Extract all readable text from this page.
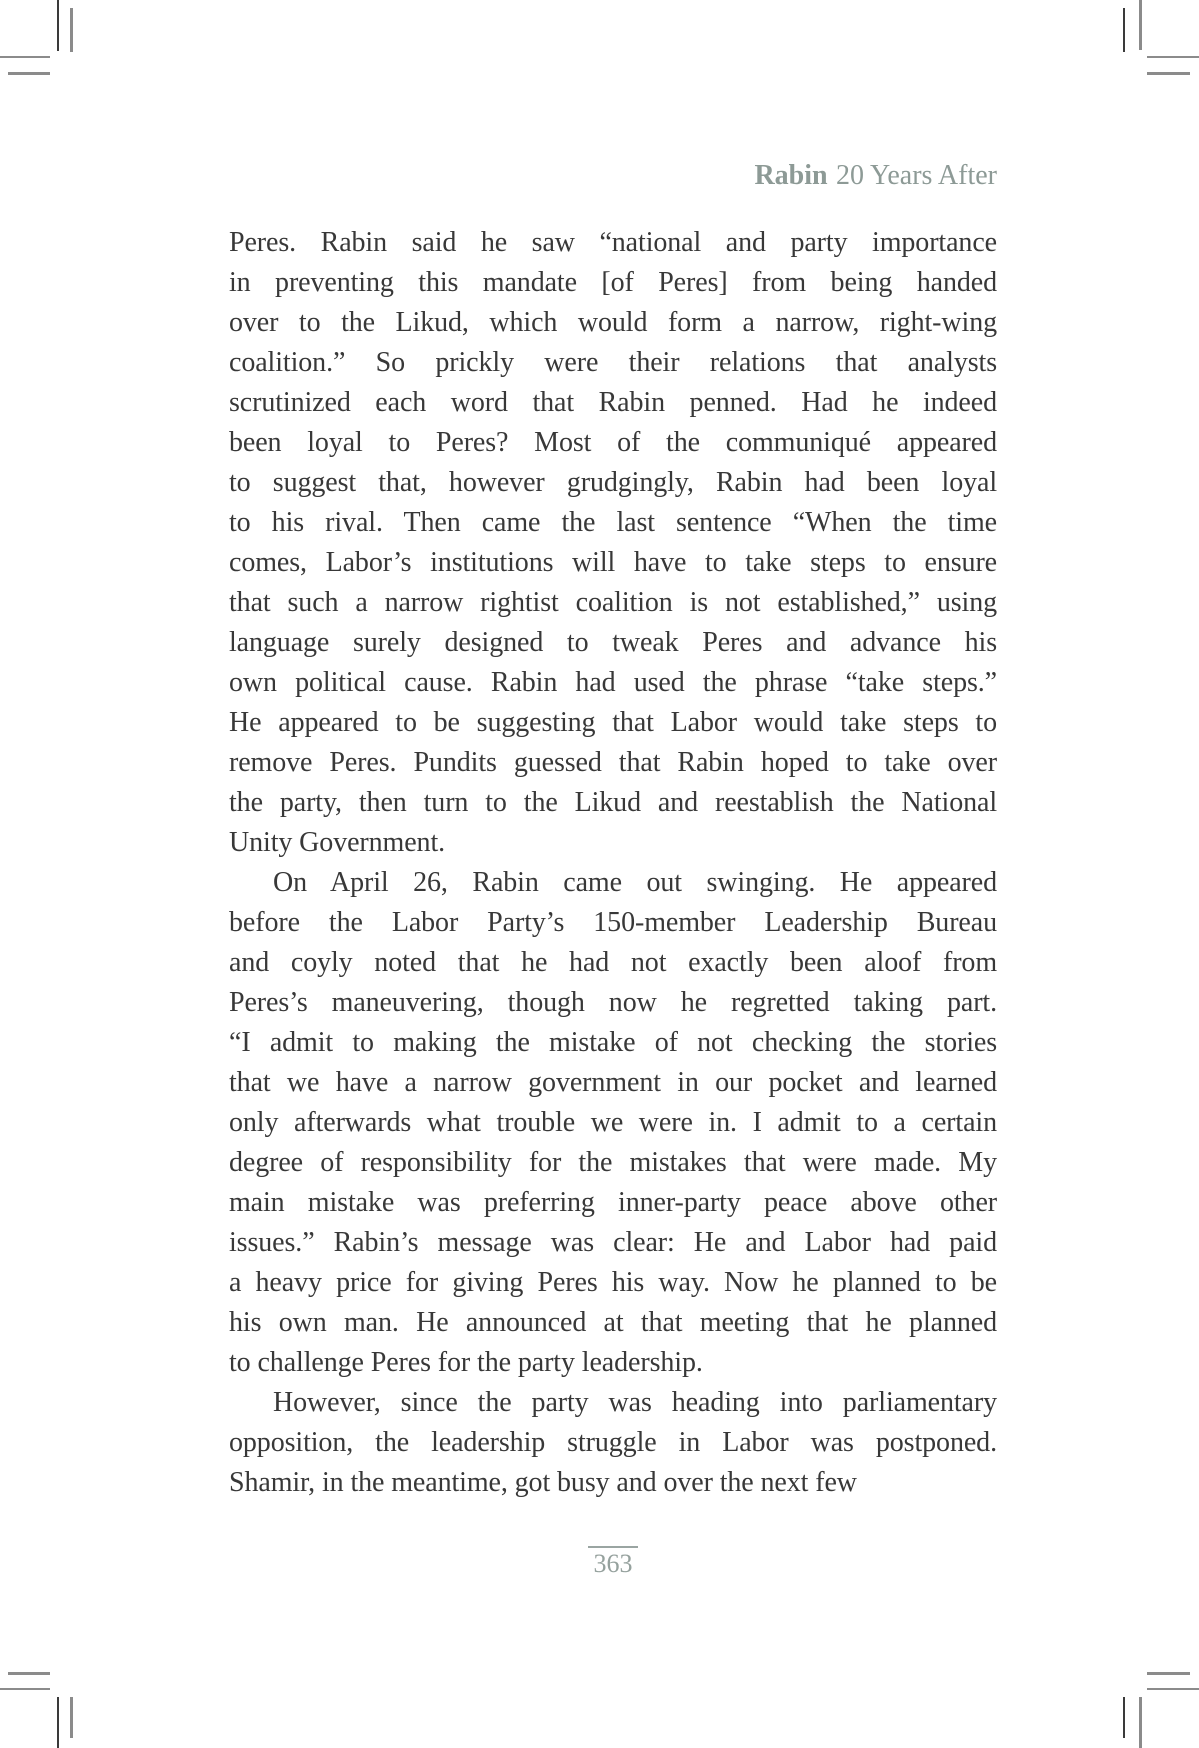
Rabin 20 Years After
Peres. Rabin said he saw “national and party importance
in preventing this mandate [of Peres] from being handed
over to the Likud, which would form a narrow, right-wing
coalition.” So prickly were their relations that analysts
scrutinized each word that Rabin penned. Had he indeed
been loyal to Peres? Most of the communiqué appeared
to suggest that, however grudgingly, Rabin had been loyal
to his rival. Then came the last sentence “When the time
comes, Labor’s institutions will have to take steps to ensure
that such a narrow rightist coalition is not established,” using
language surely designed to tweak Peres and advance his
own political cause. Rabin had used the phrase “take steps.”
He appeared to be suggesting that Labor would take steps to
remove Peres. Pundits guessed that Rabin hoped to take over
the party, then turn to the Likud and reestablish the National
Unity Government.
On April 26, Rabin came out swinging. He appeared
before the Labor Party’s 150-member Leadership Bureau
and coyly noted that he had not exactly been aloof from
Peres’s maneuvering, though now he regretted taking part.
“I admit to making the mistake of not checking the stories
that we have a narrow government in our pocket and learned
only afterwards what trouble we were in. I admit to a certain
degree of responsibility for the mistakes that were made. My
main mistake was preferring inner-party peace above other
issues.” Rabin’s message was clear: He and Labor had paid
a heavy price for giving Peres his way. Now he planned to be
his own man. He announced at that meeting that he planned
to challenge Peres for the party leadership.
However, since the party was heading into parliamentary
opposition, the leadership struggle in Labor was postponed.
Shamir, in the meantime, got busy and over the next few
363
